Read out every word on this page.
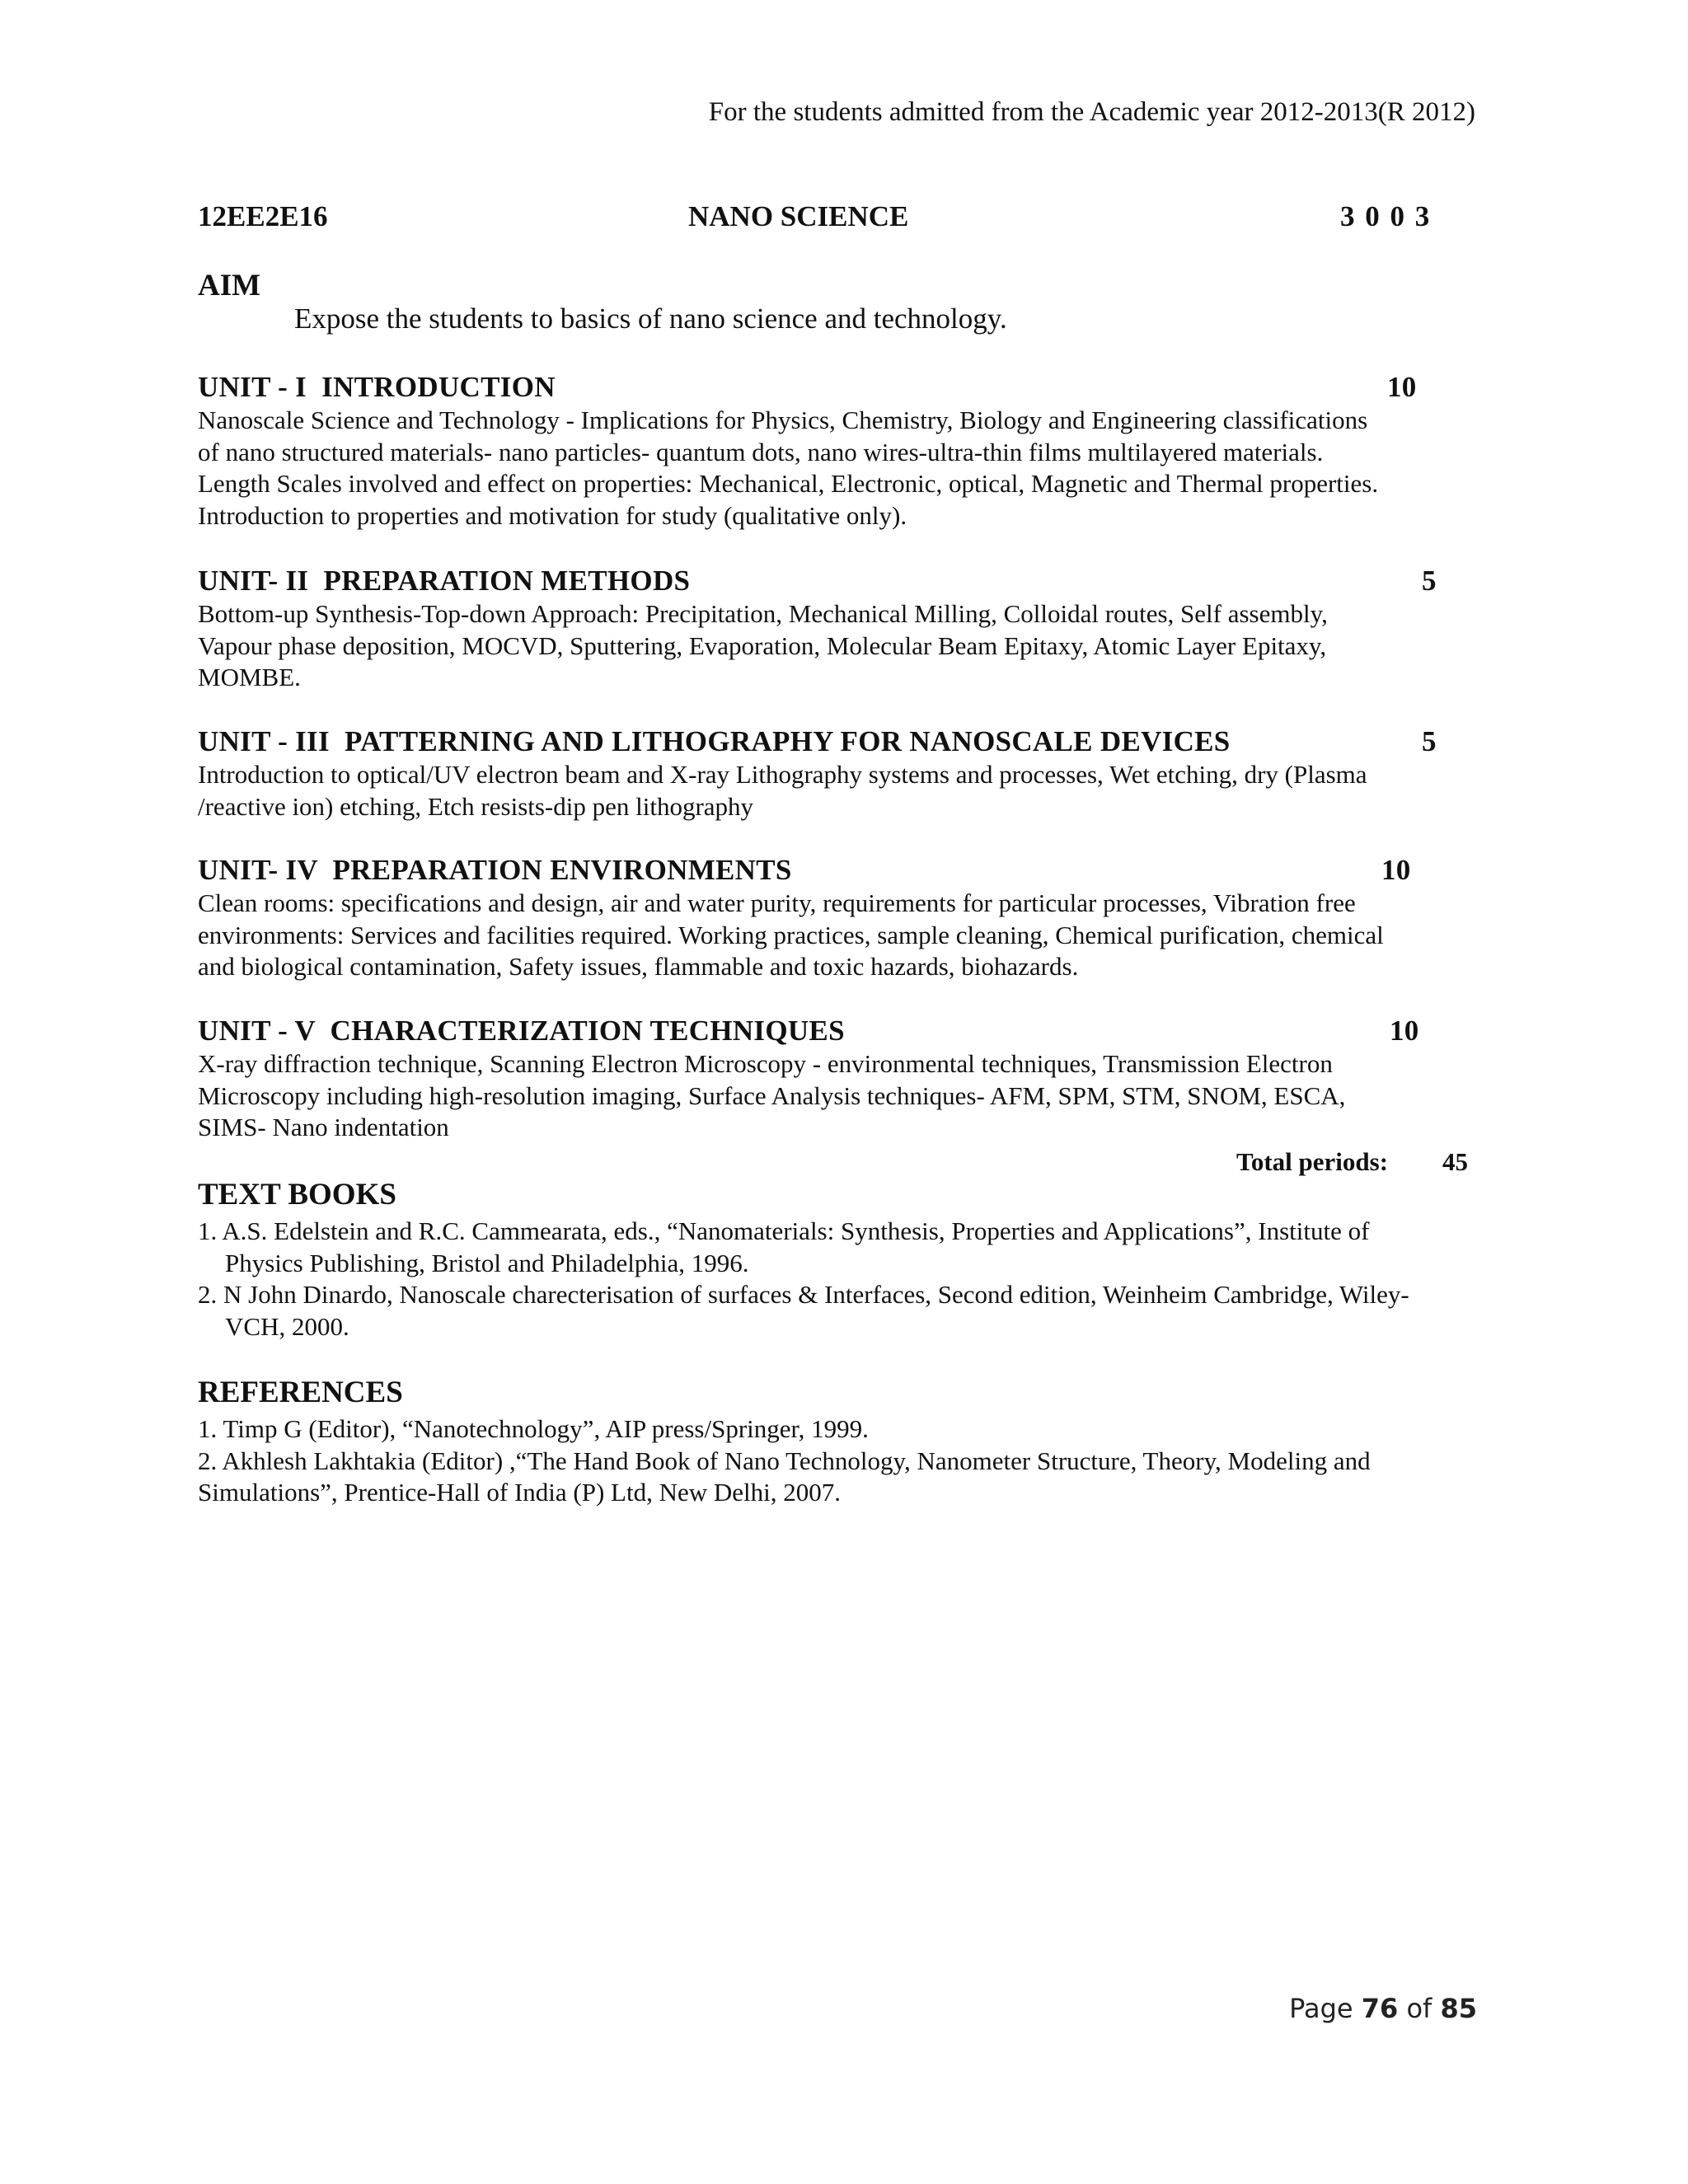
For the students admitted from the Academic year 2012-2013(R 2012)
12EE2E16	NANO SCIENCE	3 0 0 3
AIM
Expose the students to basics of nano science and technology.
UNIT - I  INTRODUCTION	10
Nanoscale Science and Technology - Implications for Physics, Chemistry, Biology and Engineering classifications
of nano structured materials- nano particles- quantum dots, nano wires-ultra-thin films multilayered materials.
Length Scales involved and effect on properties: Mechanical, Electronic, optical, Magnetic and Thermal properties.
Introduction to properties and motivation for study (qualitative only).
UNIT- II  PREPARATION METHODS	5
Bottom-up Synthesis-Top-down Approach: Precipitation, Mechanical Milling, Colloidal routes, Self assembly,
Vapour phase deposition, MOCVD, Sputtering, Evaporation, Molecular Beam Epitaxy, Atomic Layer Epitaxy,
MOMBE.
UNIT - III  PATTERNING AND LITHOGRAPHY FOR NANOSCALE DEVICES	5
Introduction to optical/UV electron beam and X-ray Lithography systems and processes, Wet etching, dry (Plasma
/reactive ion) etching, Etch resists-dip pen lithography
UNIT- IV  PREPARATION ENVIRONMENTS	10
Clean rooms: specifications and design, air and water purity, requirements for particular processes, Vibration free
environments: Services and facilities required. Working practices, sample cleaning, Chemical purification, chemical
and biological contamination, Safety issues, flammable and toxic hazards, biohazards.
UNIT - V  CHARACTERIZATION TECHNIQUES	10
X-ray diffraction technique, Scanning Electron Microscopy - environmental techniques, Transmission Electron
Microscopy including high-resolution imaging, Surface Analysis techniques- AFM, SPM, STM, SNOM, ESCA,
SIMS- Nano indentation
Total periods: 45
TEXT BOOKS
1. A.S. Edelstein and R.C. Cammearata, eds., “Nanomaterials: Synthesis, Properties and Applications”, Institute of Physics Publishing, Bristol and Philadelphia, 1996.
2. N John Dinardo, Nanoscale charecterisation of surfaces & Interfaces, Second edition, Weinheim Cambridge, Wiley-VCH, 2000.
REFERENCES
1. Timp G (Editor), “Nanotechnology”, AIP press/Springer, 1999.
2. Akhlesh Lakhtakia (Editor) ,“The Hand Book of Nano Technology, Nanometer Structure, Theory, Modeling and Simulations”, Prentice-Hall of India (P) Ltd, New Delhi, 2007.
Page 76 of 85
